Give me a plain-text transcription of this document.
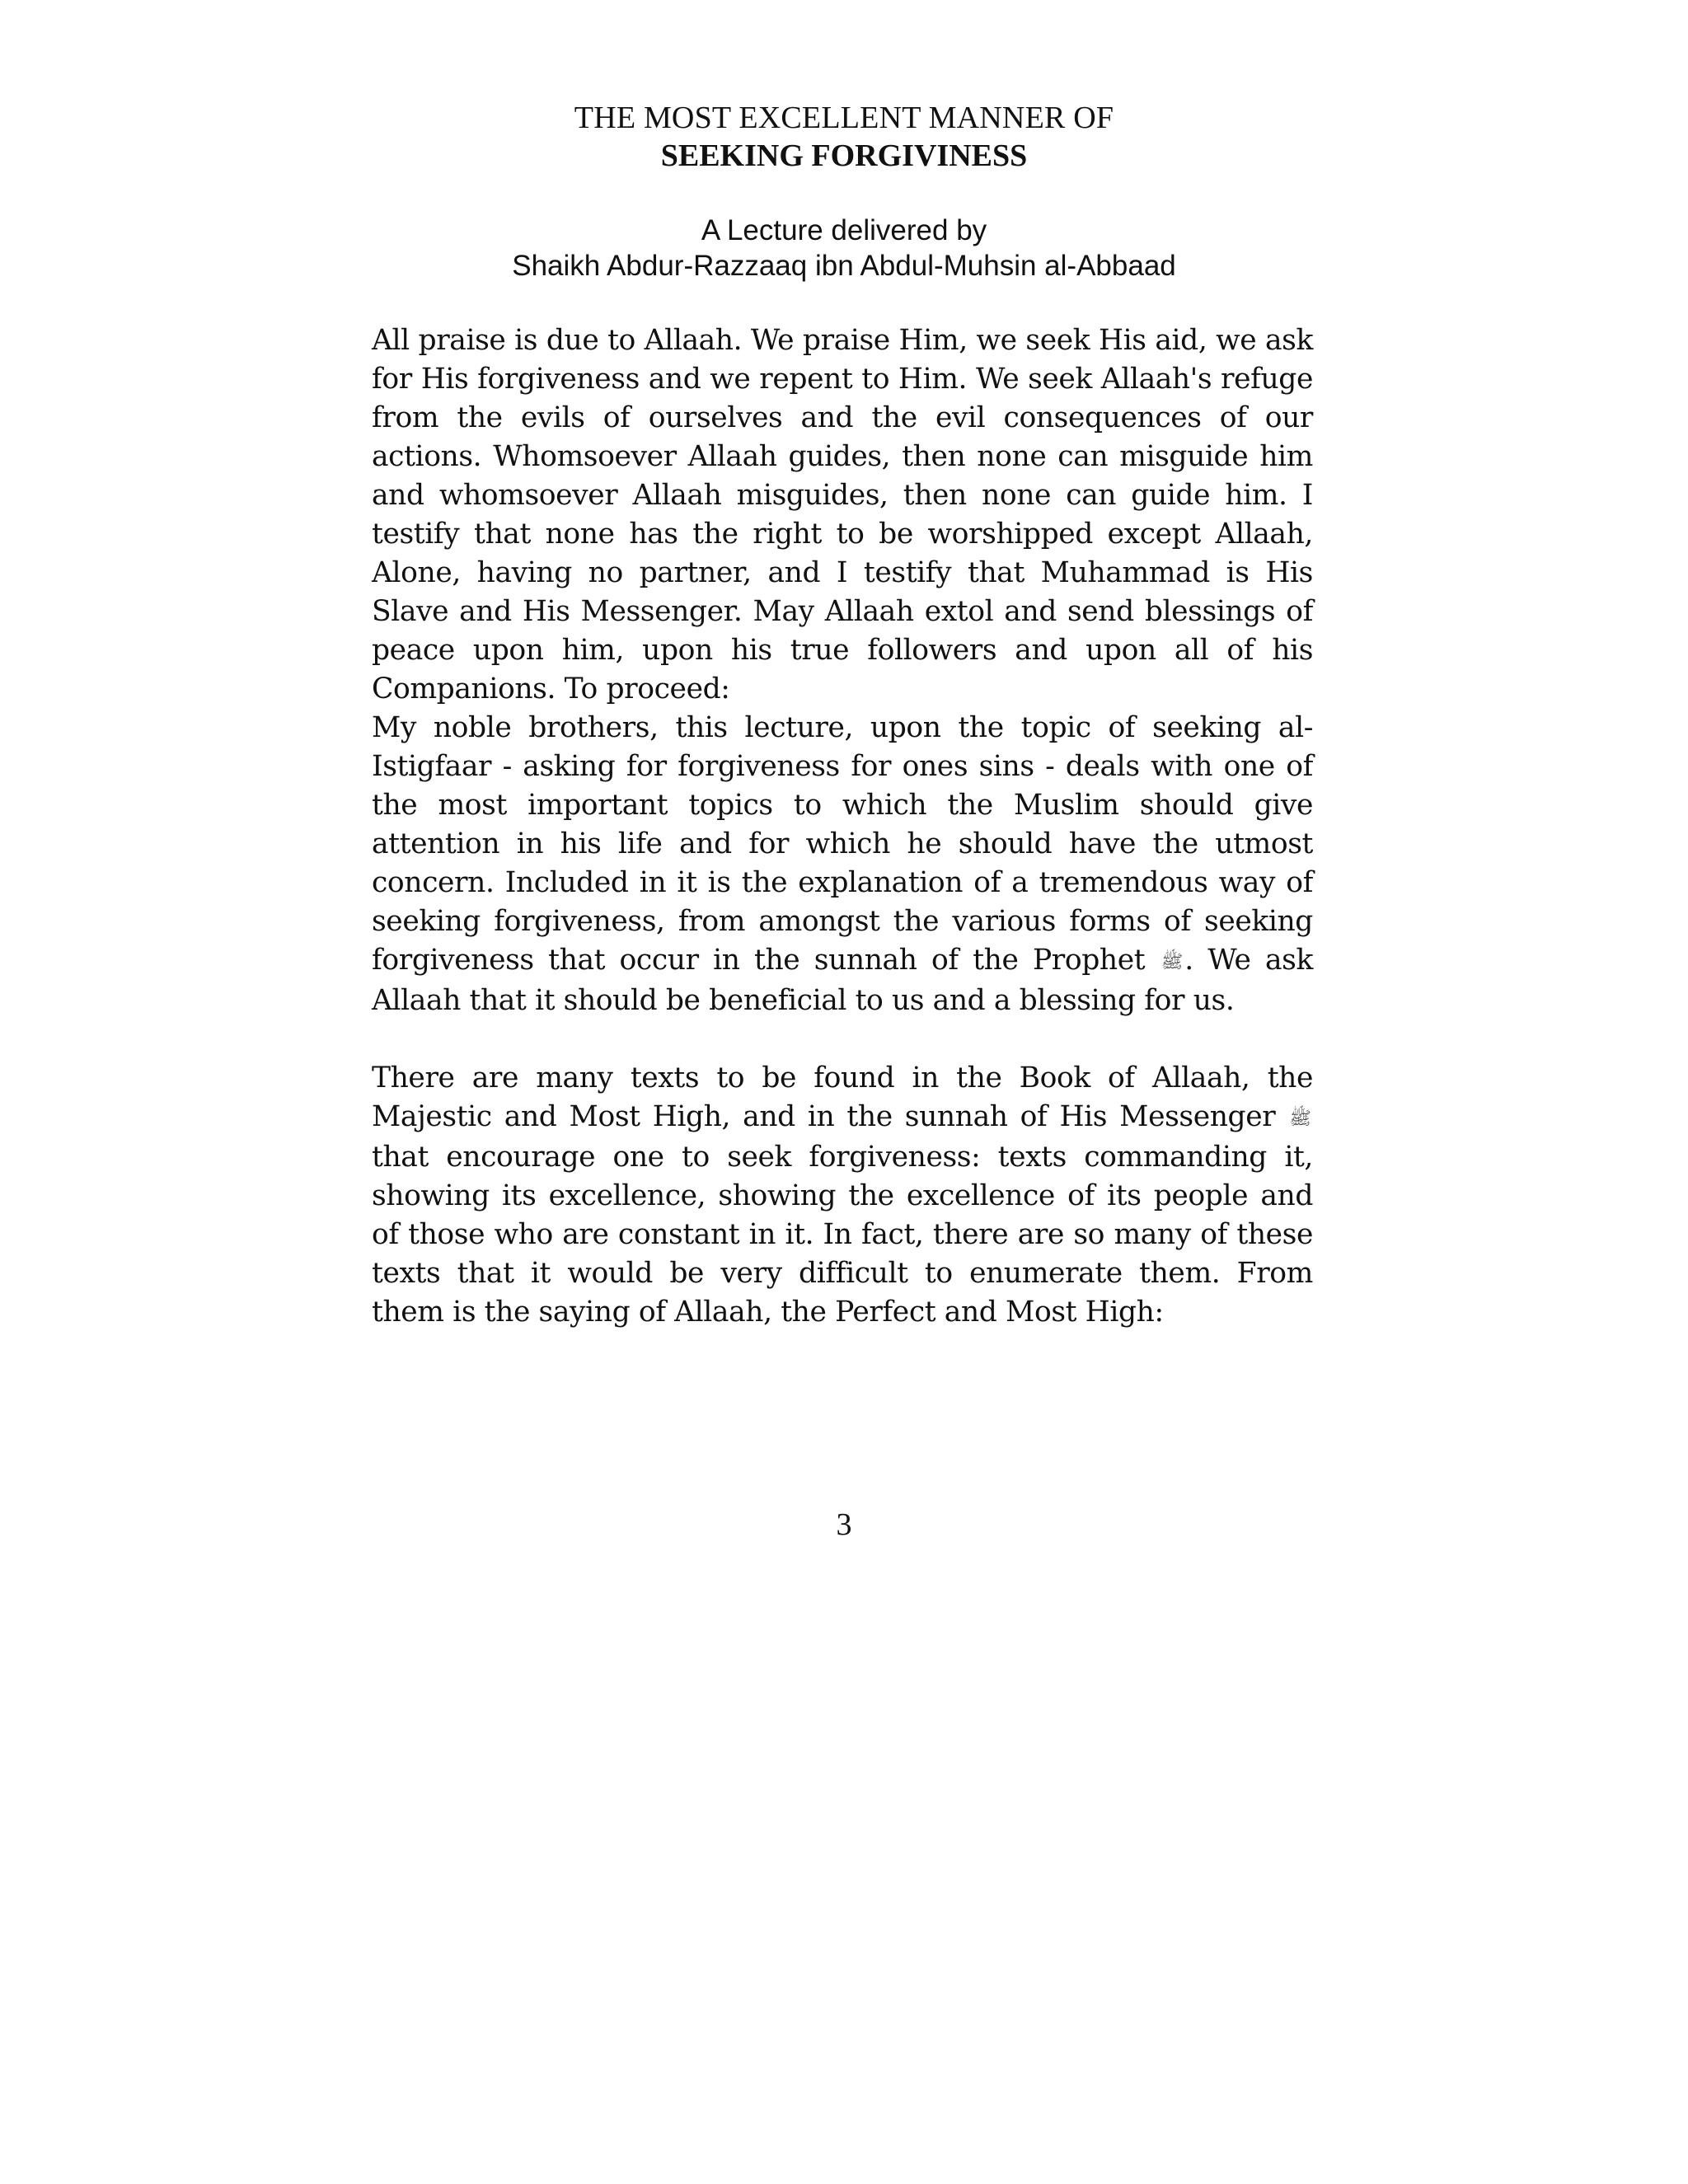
THE MOST EXCELLENT MANNER OF
SEEKING FORGIVINESS
A Lecture delivered by
Shaikh Abdur-Razzaaq ibn Abdul-Muhsin al-Abbaad

All praise is due to Allaah. We praise Him, we seek His aid, we ask for His forgiveness and we repent to Him. We seek Allaah's refuge from the evils of ourselves and the evil consequences of our actions. Whomsoever Allaah guides, then none can misguide him and whomsoever Allaah misguides, then none can guide him. I testify that none has the right to be worshipped except Allaah, Alone, having no partner, and I testify that Muhammad is His Slave and His Messenger. May Allaah extol and send blessings of peace upon him, upon his true followers and upon all of his Companions. To proceed:

My noble brothers, this lecture, upon the topic of seeking al-Istigfaar - asking for forgiveness for ones sins - deals with one of the most important topics to which the Muslim should give attention in his life and for which he should have the utmost concern. Included in it is the explanation of a tremendous way of seeking forgiveness, from amongst the various forms of seeking forgiveness that occur in the sunnah of the Prophet ﷺ. We ask Allaah that it should be beneficial to us and a blessing for us.

There are many texts to be found in the Book of Allaah, the Majestic and Most High, and in the sunnah of His Messenger ﷺ that encourage one to seek forgiveness: texts commanding it, showing its excellence, showing the excellence of its people and of those who are constant in it. In fact, there are so many of these texts that it would be very difficult to enumerate them. From them is the saying of Allaah, the Perfect and Most High:

3
